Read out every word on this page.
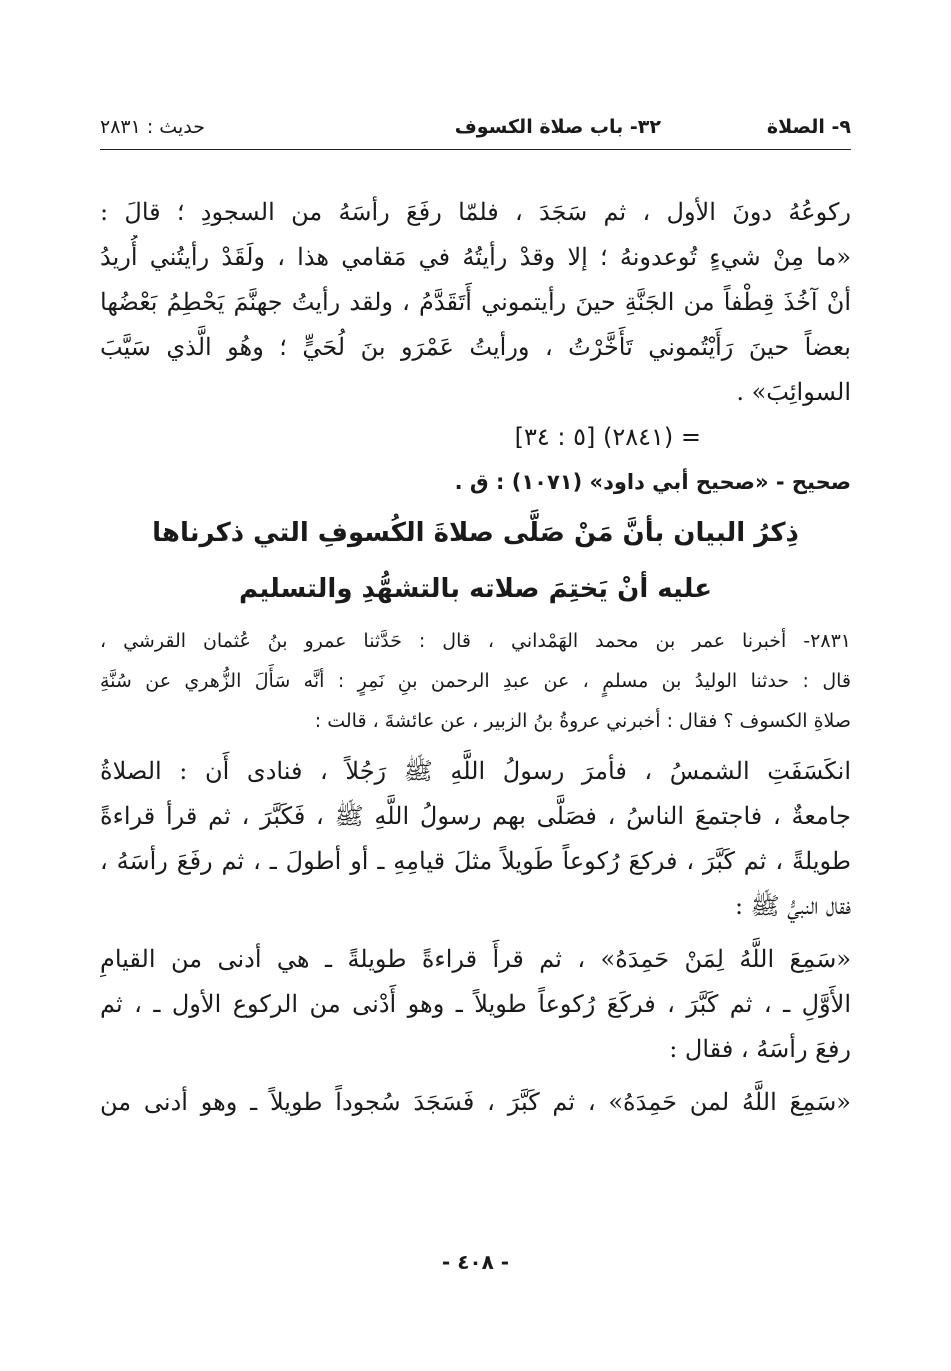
٩- الصلاة
٣٢- باب صلاة الكسوف
حديث : ٢٨٣١
ركوعُهُ دونَ الأول ، ثم سَجَدَ ، فلمّا رفَعَ رأسَهُ من السجودِ ؛ قالَ :
«ما مِنْ شيءٍ تُوعدونهُ ؛ إلا وقدْ رأيتُهُ في مَقامي هذا ، ولَقَدْ رأيتُني أُريدُ
أنْ آخُذَ قِطْفاً من الجَنَّةِ حينَ رأيتموني أَتَقَدَّمُ ، ولقد رأيتُ جهنَّمَ يَحْطِمُ بَعْضُها
بعضاً حينَ رَأَيْتُموني تَأَخَّرْتُ ، ورأيتُ عَمْرَو بنَ لُحَيٍّ ؛ وهُو الَّذي سَيَّبَ
السوائِبَ» .
= (٢٨٤١) [٥ : ٣٤]
صحيح - «صحيح أبي داود» (١٠٧١) : ق .
ذِكرُ البيان بأنَّ مَنْ صَلَّى صلاةَ الكُسوفِ التي ذكرناها
عليه أنْ يَختِمَ صلاته بالتشهُّدِ والتسليم
٢٨٣١- أخبرنا عمر بن محمد الهَمْداني ، قال : حَدَّثنا عمرو بنُ عُثمان القرشي ،
قال : حدثنا الوليدُ بن مسلمٍ ، عن عبدِ الرحمن بنِ نَمِرٍ : أنَّه سَأَلَ الزُّهري عن سُنَّةِ
صلاةِ الكسوف ؟ فقال : أخبرني عروةُ بنُ الزبير ، عن عائشةَ ، قالت :
انكَسَفَتِ الشمسُ ، فأمرَ رسولُ اللَّهِ ﷺ رَجُلاً ، فنادى أَن : الصلاةُ
جامعةٌ ، فاجتمعَ الناسُ ، فصَلَّى بهم رسولُ اللَّهِ ﷺ ، فَكَبَّرَ ، ثم قرأ قراءةً
طويلةً ، ثم كَبَّرَ ، فركعَ رُكوعاً طَويلاً مثلَ قيامِهِ ـ أو أطولَ ـ ، ثم رفَعَ رأسَهُ ،
فقال النبيُّ ﷺ :
«سَمِعَ اللَّهُ لِمَنْ حَمِدَهُ» ، ثم قرأَ قراءةً طويلةً ـ هي أدنى من القيامِ
الأَوَّلِ ـ ، ثم كَبَّرَ ، فركَعَ رُكوعاً طويلاً ـ وهو أَدْنى من الركوع الأول ـ ، ثم
رفعَ رأسَهُ ، فقال :
«سَمِعَ اللَّهُ لمن حَمِدَهُ» ، ثم كَبَّرَ ، فَسَجَدَ سُجوداً طويلاً ـ وهو أدنى من
- ٤٠٨ -
